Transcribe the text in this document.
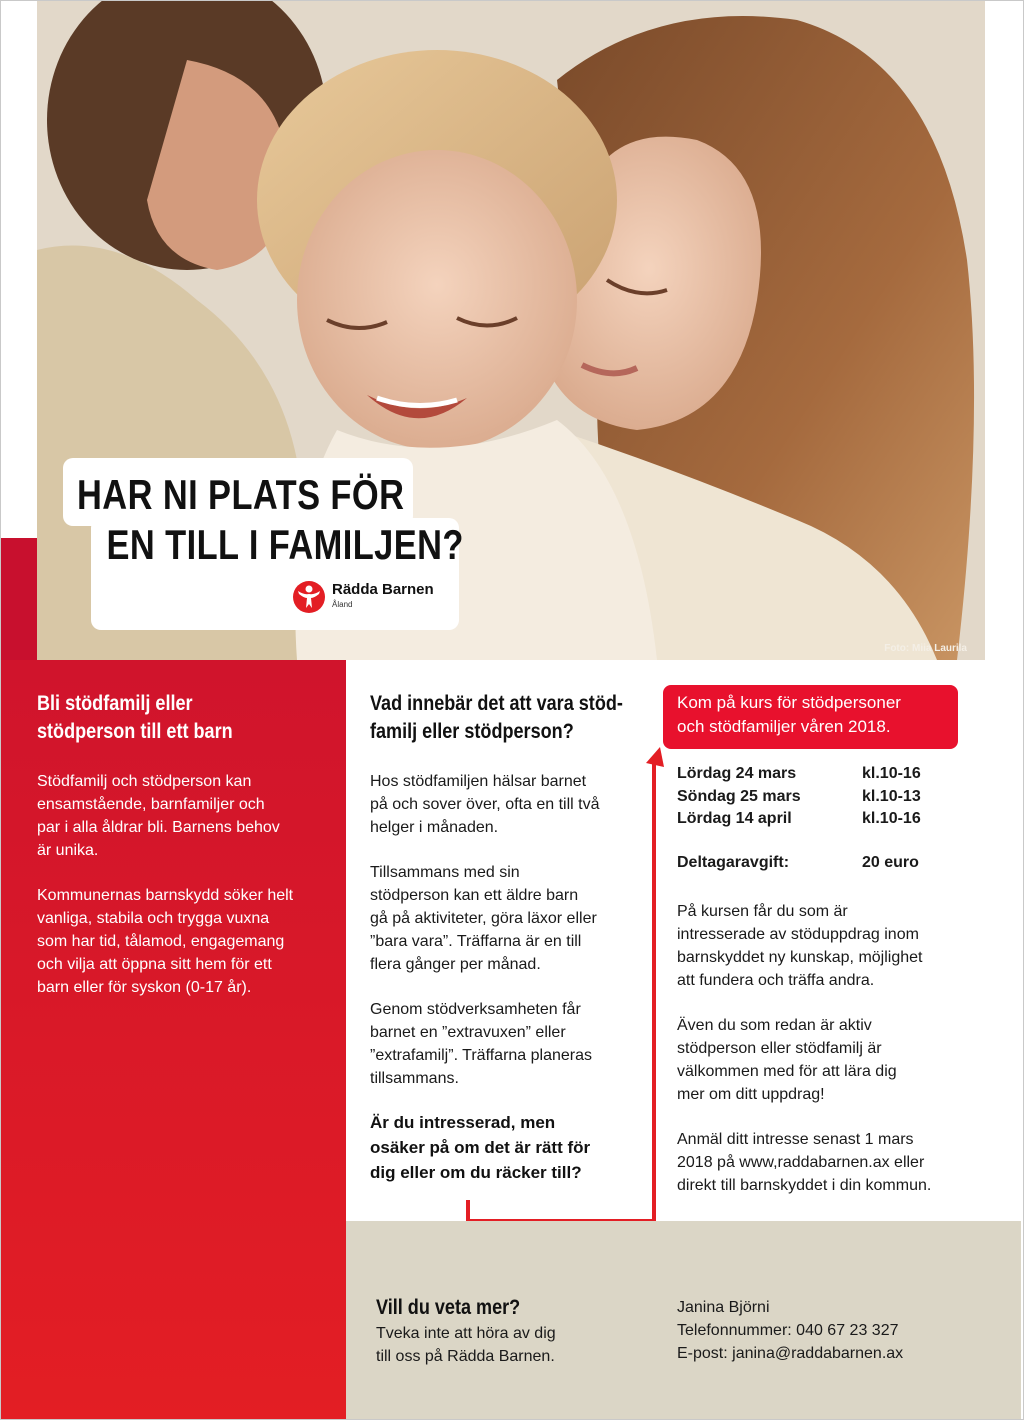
Foto: Miia Laurila
HAR NI PLATS FÖR
EN TILL I FAMILJEN?
Rädda Barnen
Åland
Bli stödfamilj eller
stödperson till ett barn

Stödfamilj och stödperson kan
ensamstående, barnfamiljer och
par i alla åldrar bli. Barnens behov
är unika.

Kommunernas barnskydd söker helt
vanliga, stabila och trygga vuxna
som har tid, tålamod, engagemang
och vilja att öppna sitt hem för ett
barn eller för syskon (0-17 år).

Vad innebär det att vara stöd-
familj eller stödperson?

Hos stödfamiljen hälsar barnet
på och sover över, ofta en till två
helger i månaden.

Tillsammans med sin
stödperson kan ett äldre barn
gå på aktiviteter, göra läxor eller
”bara vara”. Träffarna är en till
flera gånger per månad.

Genom stödverksamheten får
barnet en ”extravuxen” eller
”extrafamilj”. Träffarna planeras
tillsammans.

Är du intresserad, men
osäker på om det är rätt för
dig eller om du räcker till?
Kom på kurs för stödpersoner
och stödfamiljer våren 2018.
Lördag 24 mars	kl.10-16
Söndag 25 mars	kl.10-13
Lördag 14 april	kl.10-16
Deltagaravgift:	20 euro

På kursen får du som är
intresserade av stöduppdrag inom
barnskyddet ny kunskap, möjlighet
att fundera och träffa andra.

Även du som redan är aktiv
stödperson eller stödfamilj är
välkommen med för att lära dig
mer om ditt uppdrag!

Anmäl ditt intresse senast 1 mars
2018 på www,raddabarnen.ax eller
direkt till barnskyddet i din kommun.

Vill du veta mer?
Tveka inte att höra av dig
till oss på Rädda Barnen.
Janina Björni
Telefonnummer: 040 67 23 327
E-post: janina@raddabarnen.ax
